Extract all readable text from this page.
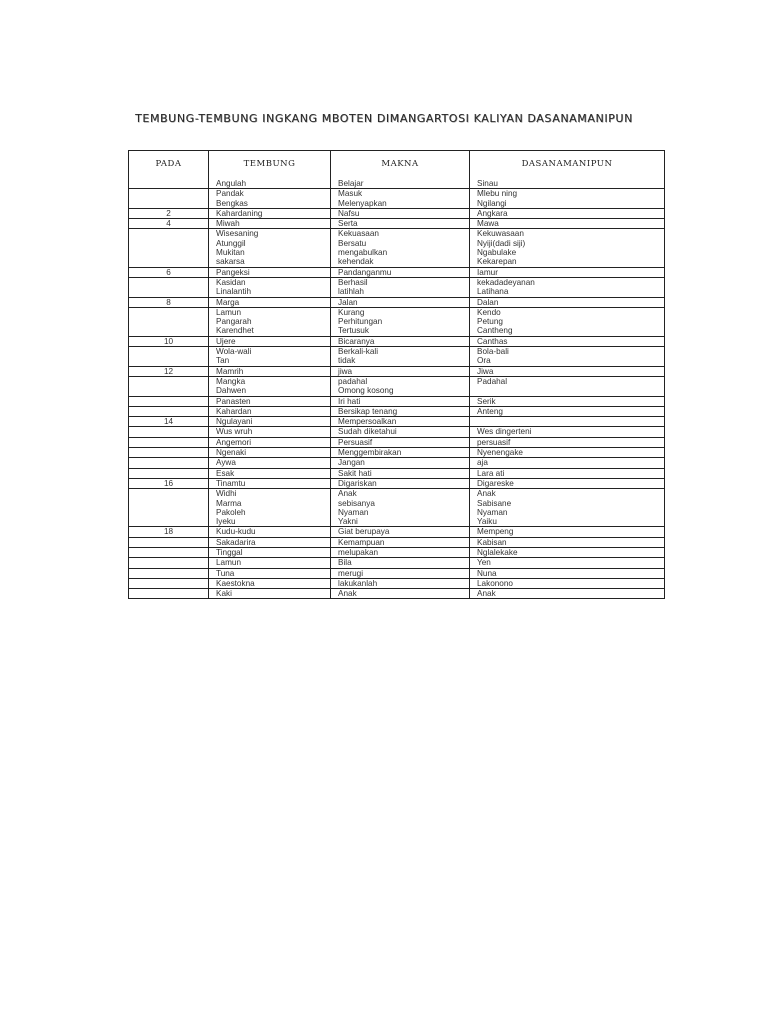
TEMBUNG-TEMBUNG INGKANG MBOTEN DIMANGARTOSI KALIYAN DASANAMANIPUN
PADA	TEMBUNG	MAKNA	DASANAMANIPUN
	Angulah	Belajar	Sinau
	Pandak	Masuk	Mlebu ning
	Bengkas	Melenyapkan	Ngilangi
2	Kahardaning	Nafsu	Angkara
4	Miwah	Serta	Mawa
	Wisesaning	Kekuasaan	Kekuwasaan
	Atunggil	Bersatu	Nyiji(dadi siji)
	Mukitan	mengabulkan	Ngabulake
	sakarsa	kehendak	Kekarepan
6	Pangeksi	Pandanganmu	Iamur
	Kasidan	Berhasil	kekadadeyanan
	Linalantih	latihlah	Latihana
8	Marga	Jalan	Dalan
	Lamun	Kurang	Kendo
	Pangarah	Perhitungan	Petung
	Karendhet	Tertusuk	Cantheng
10	Ujere	Bicaranya	Canthas
	Wola-wali	Berkali-kali	Bola-bali
	Tan	tidak	Ora
12	Mamrih	jiwa	Jiwa
	Mangka	padahal	Padahal
	Dahwen	Omong kosong	
	Panasten	Iri hati	Serik
	Kahardan	Bersikap tenang	Anteng
14	Ngulayani	Mempersoalkan	
	Wus wruh	Sudah diketahui	Wes dingerteni
	Angemori	Persuasif	persuasif
	Ngenaki	Menggembirakan	Nyenengake
	Aywa	Jangan	aja
	Esak	Sakit hati	Lara ati
16	Tinamtu	Digariskan	Digareske
	Widhi	Anak	Anak
	Marma	sebisanya	Sabisane
	Pakoleh	Nyaman	Nyaman
	Iyeku	Yakni	Yaiku
18	Kudu-kudu	Giat berupaya	Mempeng
	Sakadarira	Kemampuan	Kabisan
	Tinggal	melupakan	Nglalekake
	Lamun	Bila	Yen
	Tuna	merugi	Nuna
	Kaestokna	lakukanlah	Lakonono
	Kaki	Anak	Anak
